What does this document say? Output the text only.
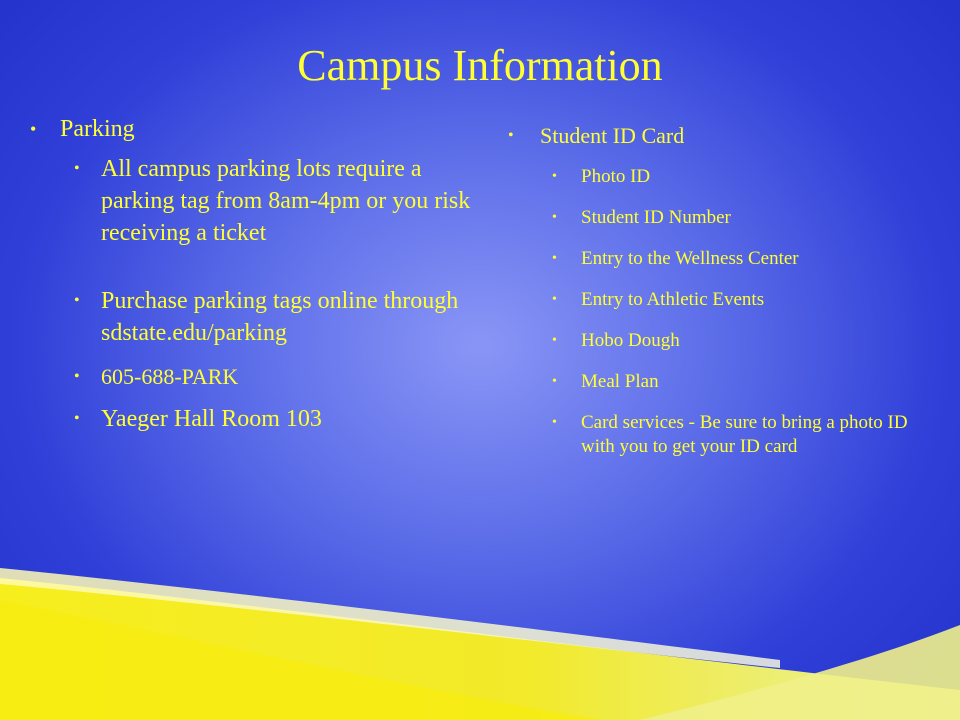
Campus Information
• Parking
• All campus parking lots require a parking tag from 8am-4pm or you risk receiving a ticket
• Purchase parking tags online through sdstate.edu/parking
• 605-688-PARK
• Yaeger Hall Room 103
• Student ID Card
• Photo ID
• Student ID Number
• Entry to the Wellness Center
• Entry to Athletic Events
• Hobo Dough
• Meal Plan
• Card services - Be sure to bring a photo ID with you to get your ID card
